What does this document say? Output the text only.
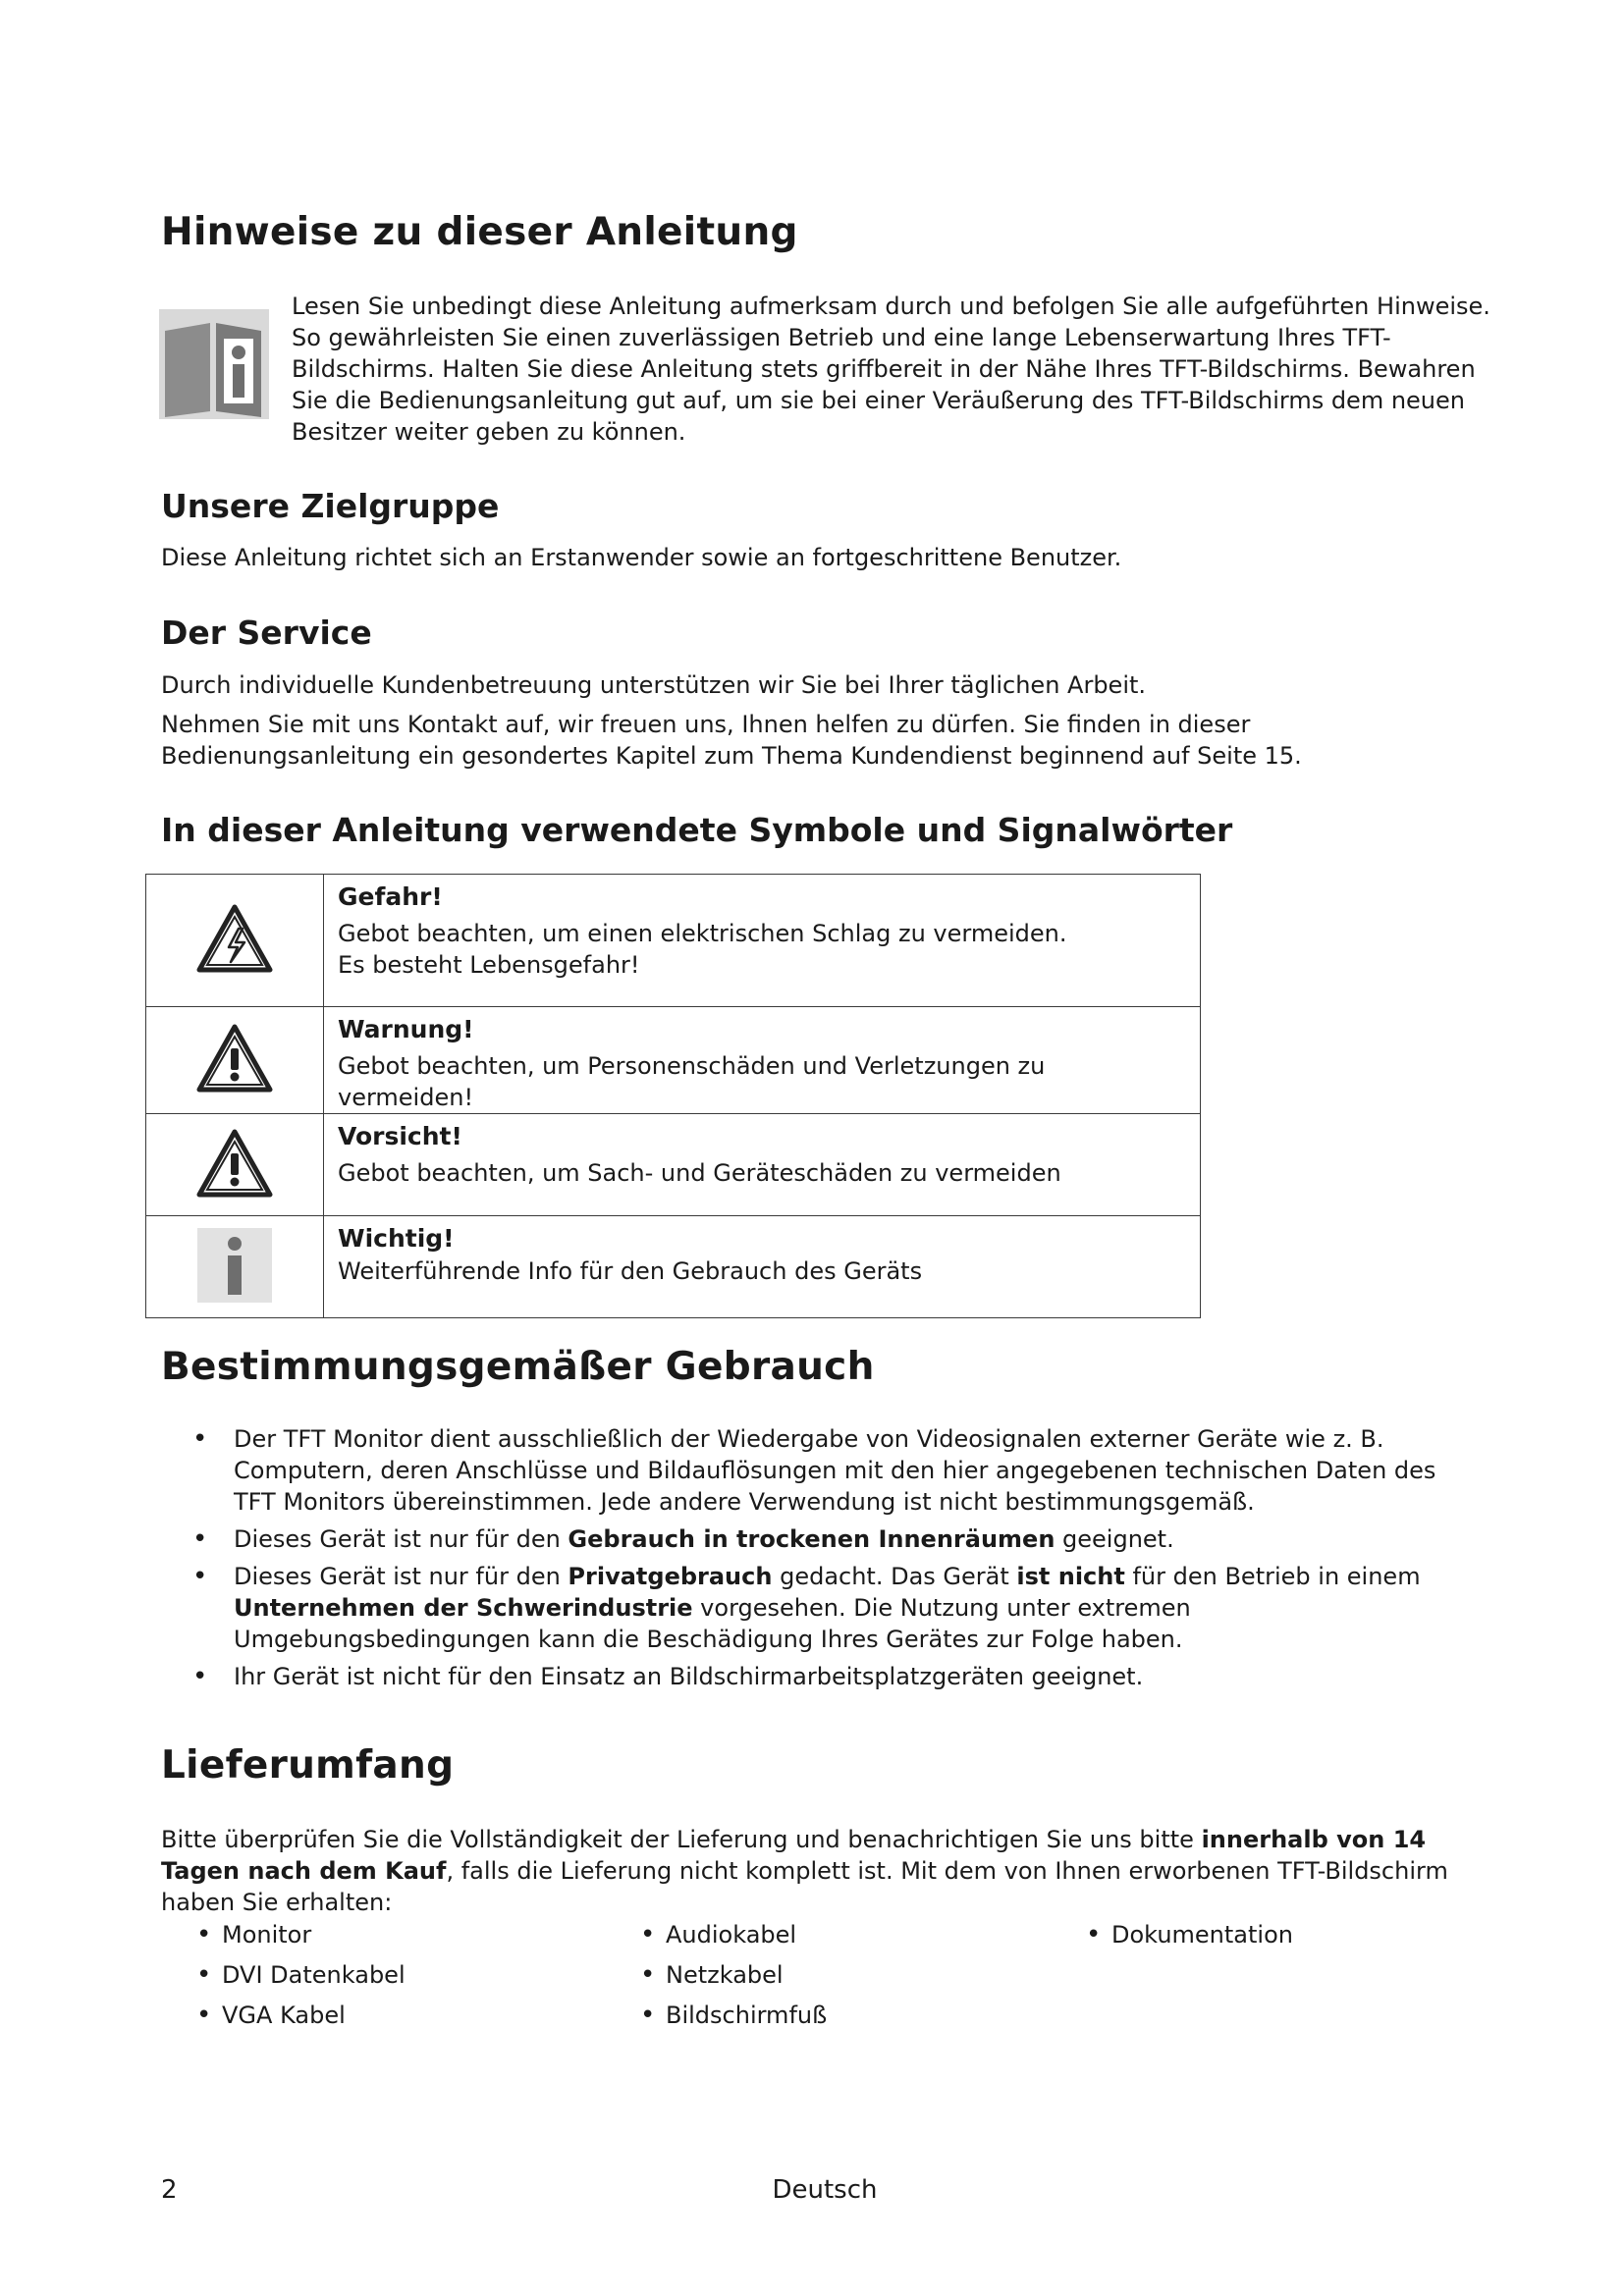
Hinweise zu dieser Anleitung

Lesen Sie unbedingt diese Anleitung aufmerksam durch und befolgen Sie alle aufgeführten Hinweise. So gewährleisten Sie einen zuverlässigen Betrieb und eine lange Lebenserwartung Ihres TFT-Bildschirms. Halten Sie diese Anleitung stets griffbereit in der Nähe Ihres TFT-Bildschirms. Bewahren Sie die Bedienungsanleitung gut auf, um sie bei einer Veräußerung des TFT-Bildschirms dem neuen Besitzer weiter geben zu können.

Unsere Zielgruppe

Diese Anleitung richtet sich an Erstanwender sowie an fortgeschrittene Benutzer.

Der Service

Durch individuelle Kundenbetreuung unterstützen wir Sie bei Ihrer täglichen Arbeit.

Nehmen Sie mit uns Kontakt auf, wir freuen uns, Ihnen helfen zu dürfen. Sie finden in dieser Bedienungsanleitung ein gesondertes Kapitel zum Thema Kundendienst beginnend auf Seite 15.

In dieser Anleitung verwendete Symbole und Signalwörter

Gefahr!

Gebot beachten, um einen elektrischen Schlag zu vermeiden.

Es besteht Lebensgefahr!

Warnung!

Gebot beachten, um Personenschäden und Verletzungen zu vermeiden!

Vorsicht!

Gebot beachten, um Sach- und Geräteschäden zu vermeiden

Wichtig!

Weiterführende Info für den Gebrauch des Geräts

Bestimmungsgemäßer Gebrauch
• Der TFT Monitor dient ausschließlich der Wiedergabe von Videosignalen externer Geräte wie z. B. Computern, deren Anschlüsse und Bildauflösungen mit den hier angegebenen technischen Daten des TFT Monitors übereinstimmen. Jede andere Verwendung ist nicht bestimmungsgemäß.
• Dieses Gerät ist nur für den Gebrauch in trockenen Innenräumen geeignet.
• Dieses Gerät ist nur für den Privatgebrauch gedacht. Das Gerät ist nicht für den Betrieb in einem Unternehmen der Schwerindustrie vorgesehen. Die Nutzung unter extremen Umgebungsbedingungen kann die Beschädigung Ihres Gerätes zur Folge haben.
• Ihr Gerät ist nicht für den Einsatz an Bildschirmarbeitsplatzgeräten geeignet.
Lieferumfang

Bitte überprüfen Sie die Vollständigkeit der Lieferung und benachrichtigen Sie uns bitte innerhalb von 14 Tagen nach dem Kauf, falls die Lieferung nicht komplett ist. Mit dem von Ihnen erworbenen TFT-Bildschirm haben Sie erhalten:

• Monitor
• DVI Datenkabel
• VGA Kabel
• Audiokabel
• Netzkabel
• Bildschirmfuß
• Dokumentation
2	Deutsch
